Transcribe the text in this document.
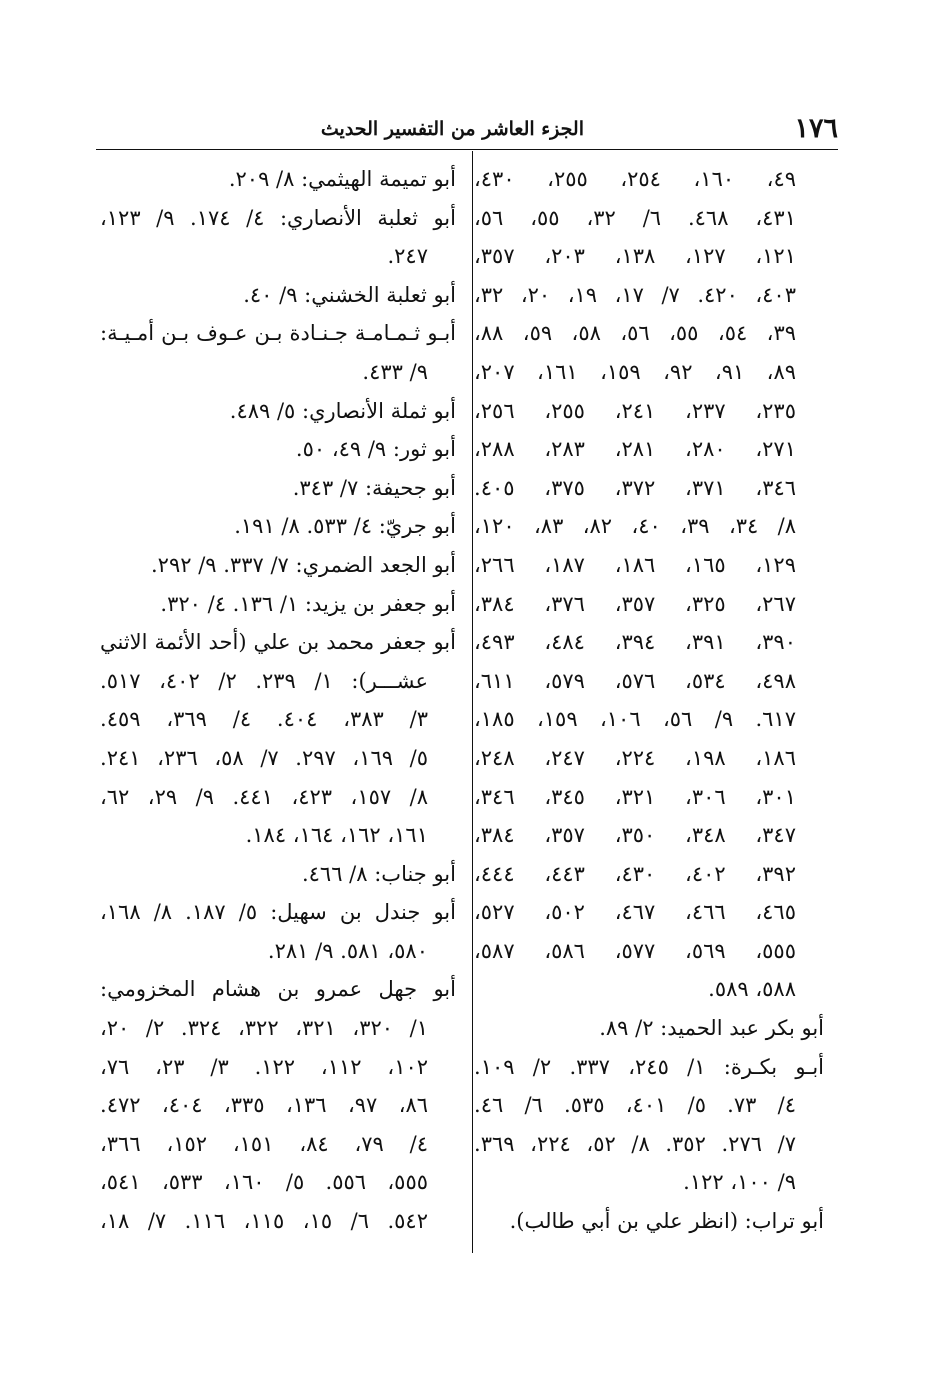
١٧٦
الجزء العاشر من التفسير الحديث
٤٩، ١٦٠، ٢٥٤، ٢٥٥، ٤٣٠،
٤٣١، ٤٦٨. ٦/ ٣٢، ٥٥، ٥٦،
١٢١، ١٢٧، ١٣٨، ٢٠٣، ٣٥٧،
٤٠٣، ٤٢٠. ٧/ ١٧، ١٩، ٢٠، ٣٢،
٣٩، ٥٤، ٥٥، ٥٦، ٥٨، ٥٩، ٨٨،
٨٩، ٩١، ٩٢، ١٥٩، ١٦١، ٢٠٧،
٢٣٥، ٢٣٧، ٢٤١، ٢٥٥، ٢٥٦،
٢٧١، ٢٨٠، ٢٨١، ٢٨٣، ٢٨٨،
٣٤٦، ٣٧١، ٣٧٢، ٣٧٥، ٤٠٥.
٨/ ٣٤، ٣٩، ٤٠، ٨٢، ٨٣، ١٢٠،
١٢٩، ١٦٥، ١٨٦، ١٨٧، ٢٦٦،
٢٦٧، ٣٢٥، ٣٥٧، ٣٧٦، ٣٨٤،
٣٩٠، ٣٩١، ٣٩٤، ٤٨٤، ٤٩٣،
٤٩٨، ٥٣٤، ٥٧٦، ٥٧٩، ٦١١،
٦١٧. ٩/ ٥٦، ١٠٦، ١٥٩، ١٨٥،
١٨٦، ١٩٨، ٢٢٤، ٢٤٧، ٢٤٨،
٣٠١، ٣٠٦، ٣٢١، ٣٤٥، ٣٤٦،
٣٤٧، ٣٤٨، ٣٥٠، ٣٥٧، ٣٨٤،
٣٩٢، ٤٠٢، ٤٣٠، ٤٤٣، ٤٤٤،
٤٦٥، ٤٦٦، ٤٦٧، ٥٠٢، ٥٢٧،
٥٥٥، ٥٦٩، ٥٧٧، ٥٨٦، ٥٨٧،
٥٨٨، ٥٨٩.
أبو بكر عبد الحميد: ٢/ ٨٩.
أبـو بكـرة: ١/ ٢٤٥، ٣٣٧. ٢/ ١٠٩.
٤/ ٧٣. ٥/ ٤٠١، ٥٣٥. ٦/ ٤٦.
٧/ ٢٧٦. ٣٥٢. ٨/ ٥٢، ٢٢٤، ٣٦٩.
٩/ ١٠٠، ١٢٢.
أبو تراب: (انظر علي بن أبي طالب).
أبو تميمة الهيثمي: ٨/ ٢٠٩.
أبو ثعلبة الأنصاري: ٤/ ١٧٤. ٩/ ١٢٣،
٢٤٧.
أبو ثعلبة الخشني: ٩/ ٤٠.
أبـو ثـمـامـة جـنـادة بـن عـوف بـن أمـيـة:
٩/ ٤٣٣.
أبو ثملة الأنصاري: ٥/ ٤٨٩.
أبو ثور: ٩/ ٤٩، ٥٠.
أبو جحيفة: ٧/ ٣٤٣.
أبو جريّ: ٤/ ٥٣٣. ٨/ ١٩١.
أبو الجعد الضمري: ٧/ ٣٣٧. ٩/ ٢٩٢.
أبو جعفر بن يزيد: ١/ ١٣٦. ٤/ ٣٢٠.
أبو جعفر محمد بن علي (أحد الأئمة الاثني
عشـــر): ١/ ٢٣٩. ٢/ ٤٠٢، ٥١٧.
٣/ ٣٨٣، ٤٠٤. ٤/ ٣٦٩، ٤٥٩.
٥/ ١٦٩، ٢٩٧. ٧/ ٥٨، ٢٣٦، ٢٤١.
٨/ ١٥٧، ٤٢٣، ٤٤١. ٩/ ٢٩، ٦٢،
١٦١، ١٦٢، ١٦٤، ١٨٤.
أبو جناب: ٨/ ٤٦٦.
أبو جندل بن سهيل: ٥/ ١٨٧. ٨/ ١٦٨،
٥٨٠، ٥٨١. ٩/ ٢٨١.
أبو جهل عمرو بن هشام المخزومي:
١/ ٣٢٠، ٣٢١، ٣٢٢، ٣٢٤. ٢/ ٢٠،
١٠٢، ١١٢، ١٢٢. ٣/ ٢٣، ٧٦،
٨٦، ٩٧، ١٣٦، ٣٣٥، ٤٠٤، ٤٧٢.
٤/ ٧٩، ٨٤، ١٥١، ١٥٢، ٣٦٦،
٥٥٥، ٥٥٦. ٥/ ١٦٠، ٥٣٣، ٥٤١،
٥٤٢. ٦/ ١٥، ١١٥، ١١٦. ٧/ ١٨،
